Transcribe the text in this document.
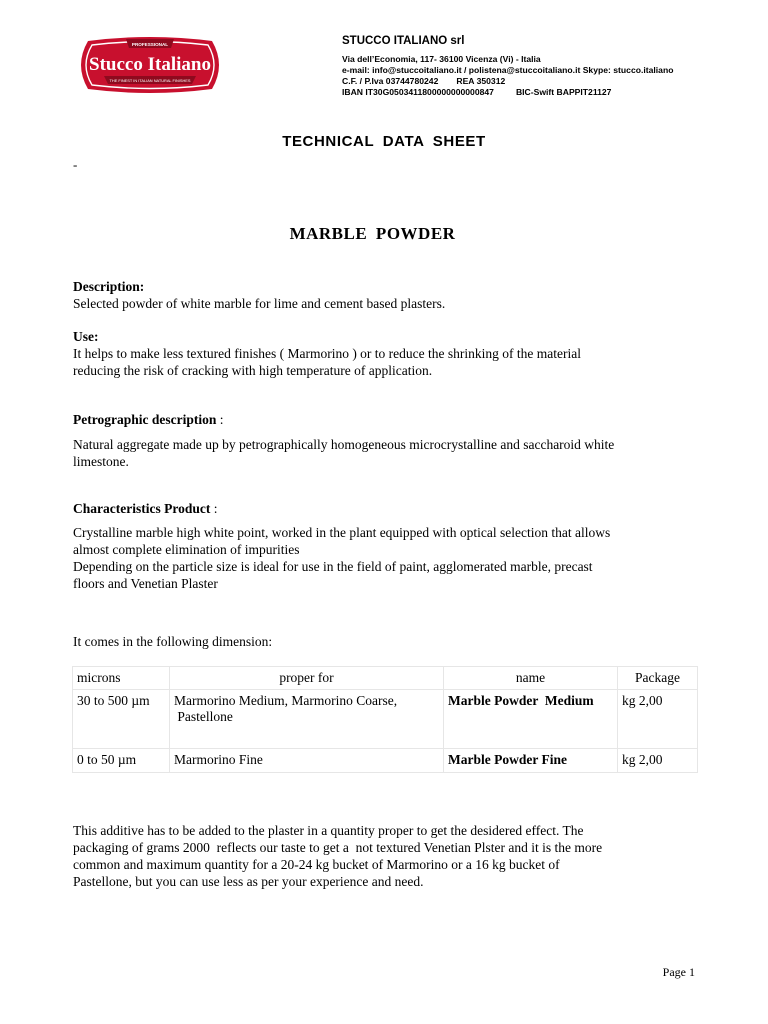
PROFESSIONAL
Stucco Italiano
THE FINEST IN ITALIAN NATURAL FINISHES
STUCCO ITALIANO srl
Via dell’Economia, 117- 36100 Vicenza (Vi) - Italia
e-mail: info@stuccoitaliano.it / polistena@stuccoitaliano.it Skype: stucco.italiano
C.F. / P.Iva 03744780242 REA 350312
IBAN IT30G0503411800000000000847	BIC-Swift BAPPIT21127
TECHNICAL DATA SHEET
-
MARBLE POWDER
Description:
Selected powder of white marble for lime and cement based plasters.
Use:
It helps to make less textured finishes ( Marmorino ) or to reduce the shrinking of the material
reducing the risk of cracking with high temperature of application.
Petrographic description :
Natural aggregate made up by petrographically homogeneous microcrystalline and saccharoid white
limestone.
Characteristics Product :
Crystalline marble high white point, worked in the plant equipped with optical selection that allows
almost complete elimination of impurities
Depending on the particle size is ideal for use in the field of paint, agglomerated marble, precast
floors and Venetian Plaster
It comes in the following dimension:
microns	proper for	name	Package
30 to 500 µm	Marmorino Medium, Marmorino Coarse,
Pastellone	Marble Powder  Medium	kg 2,00
0 to 50 µm	Marmorino Fine	Marble Powder Fine	kg 2,00
This additive has to be added to the plaster in a quantity proper to get the desidered effect. The
packaging of grams 2000  reflects our taste to get a  not textured Venetian Plster and it is the more
common and maximum quantity for a 20-24 kg bucket of Marmorino or a 16 kg bucket of
Pastellone, but you can use less as per your experience and need.
Page 1
